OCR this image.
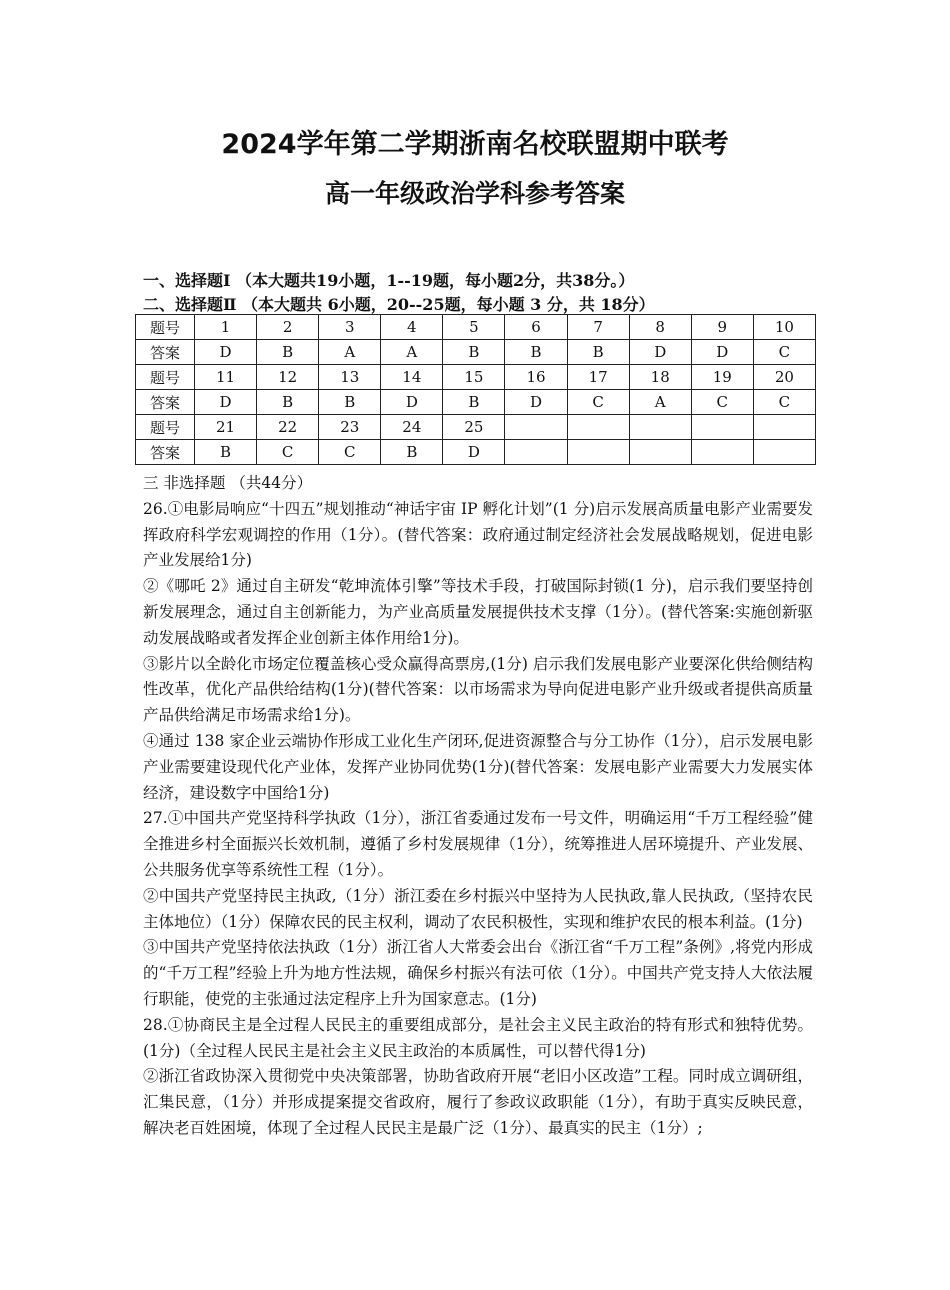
2024学年第二学期浙南名校联盟期中联考
高一年级政治学科参考答案
一、选择题Ⅰ （本大题共19小题，1--19题，每小题2分，共38分。）
二、选择题Ⅱ （本大题共 6小题，20--25题，每小题 3 分，共 18分）
题号	1	2	3	4	5	6	7	8	9	10
答案	D	B	A	A	B	B	B	D	D	C
题号	11	12	13	14	15	16	17	18	19	20
答案	D	B	B	D	B	D	C	A	C	C
题号	21	22	23	24	25					
答案	B	C	C	B	D					

三 非选择题 （共44分）

26.①电影局响应“十四五”规划推动“神话宇宙 IP 孵化计划”(1 分)启示发展高质量电影产业需要发挥政府科学宏观调控的作用（1分）。(替代答案：政府通过制定经济社会发展战略规划，促进电影产业发展给1分)

②《哪吒 2》通过自主研发“乾坤流体引擎”等技术手段，打破国际封锁(1 分)，启示我们要坚持创新发展理念，通过自主创新能力，为产业高质量发展提供技术支撑（1分）。(替代答案:实施创新驱动发展战略或者发挥企业创新主体作用给1分)。

③影片以全龄化市场定位覆盖核心受众赢得高票房,(1分) 启示我们发展电影产业要深化供给侧结构性改革，优化产品供给结构(1分)(替代答案：以市场需求为导向促进电影产业升级或者提供高质量产品供给满足市场需求给1分)。

④通过 138 家企业云端协作形成工业化生产闭环,促进资源整合与分工协作（1分），启示发展电影产业需要建设现代化产业体，发挥产业协同优势(1分)(替代答案：发展电影产业需要大力发展实体经济，建设数字中国给1分)

27.①中国共产党坚持科学执政（1分），浙江省委通过发布一号文件，明确运用“千万工程经验”健全推进乡村全面振兴长效机制，遵循了乡村发展规律（1分），统筹推进人居环境提升、产业发展、公共服务优享等系统性工程（1分）。

②中国共产党坚持民主执政,（1分）浙江委在乡村振兴中坚持为人民执政,靠人民执政,（坚持农民主体地位）（1分）保障农民的民主权利，调动了农民积极性，实现和维护农民的根本利益。(1分)

③中国共产党坚持依法执政（1分）浙江省人大常委会出台《浙江省“千万工程”条例》,将党内形成的“千万工程”经验上升为地方性法规，确保乡村振兴有法可依（1分）。中国共产党支持人大依法履行职能，使党的主张通过法定程序上升为国家意志。(1分)

28.①协商民主是全过程人民民主的重要组成部分，是社会主义民主政治的特有形式和独特优势。(1分)（全过程人民民主是社会主义民主政治的本质属性，可以替代得1分)

②浙江省政协深入贯彻党中央决策部署，协助省政府开展“老旧小区改造”工程。同时成立调研组，汇集民意，（1分）并形成提案提交省政府，履行了参政议政职能（1分），有助于真实反映民意，解决老百姓困境，体现了全过程人民民主是最广泛（1分）、最真实的民主（1分）;
